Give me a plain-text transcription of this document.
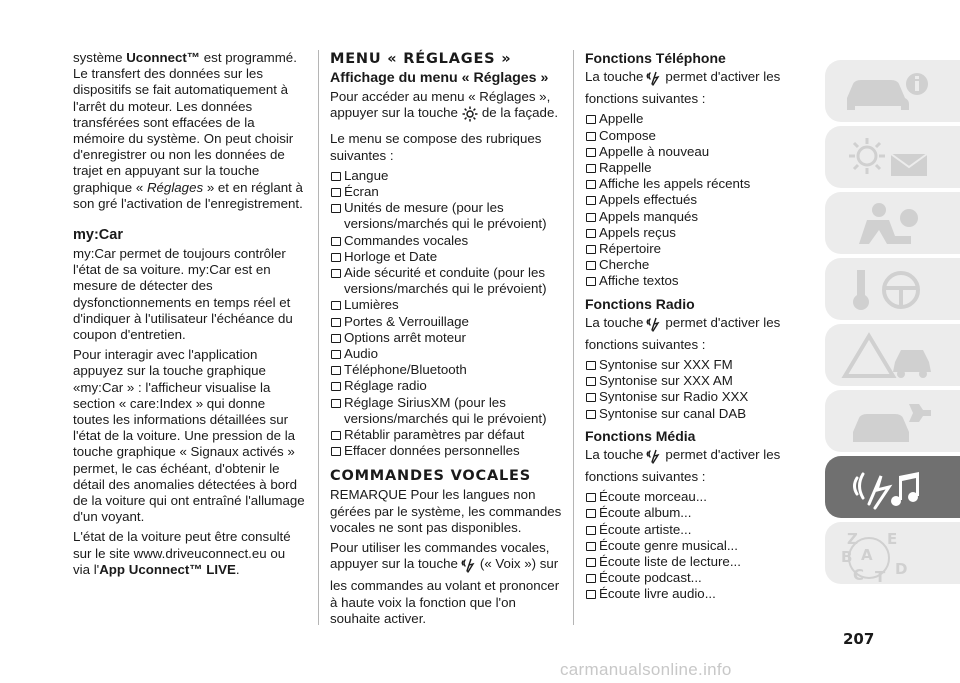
système Uconnect™ est programmé. Le transfert des données sur les dispositifs se fait automatiquement à l'arrêt du moteur. Les données transférées sont effacées de la mémoire du système. On peut choisir d'enregistrer ou non les données de trajet en appuyant sur la touche graphique « Réglages » et en réglant à son gré l'activation de l'enregistrement.

my:Car

my:Car permet de toujours contrôler l'état de sa voiture. my:Car est en mesure de détecter des dysfonctionnements en temps réel et d'indiquer à l'utilisateur l'échéance du coupon d'entretien.

Pour interagir avec l'application appuyez sur la touche graphique «my:Car » : l'afficheur visualise la section « care:Index » qui donne toutes les informations détaillées sur l'état de la voiture. Une pression de la touche graphique « Signaux activés » permet, le cas échéant, d'obtenir le détail des anomalies détectées à bord de la voiture qui ont entraîné l'allumage d'un voyant.

L'état de la voiture peut être consulté sur le site www.driveuconnect.eu ou via l'App Uconnect™ LIVE.

MENU « RÉGLAGES »
Affichage du menu « Réglages »

Pour accéder au menu « Réglages », appuyer sur la touche de la façade.

Le menu se compose des rubriques suivantes :

Langue
Écran
Unités de mesure (pour les versions/marchés qui le prévoient)
Commandes vocales
Horloge et Date
Aide sécurité et conduite (pour les versions/marchés qui le prévoient)
Lumières
Portes & Verrouillage
Options arrêt moteur
Audio
Téléphone/Bluetooth
Réglage radio
Réglage SiriusXM (pour les versions/marchés qui le prévoient)
Rétablir paramètres par défaut
Effacer données personnelles
COMMANDES VOCALES

REMARQUE Pour les langues non gérées par le système, les commandes vocales ne sont pas disponibles.

Pour utiliser les commandes vocales, appuyer sur la touche (« Voix ») sur les commandes au volant et prononcer à haute voix la fonction que l'on souhaite activer.

Fonctions Téléphone

La touche permet d'activer les fonctions suivantes :

Appelle
Compose
Appelle à nouveau
Rappelle
Affiche les appels récents
Appels effectués
Appels manqués
Appels reçus
Répertoire
Cherche
Affiche textos
Fonctions Radio

La touche permet d'activer les fonctions suivantes :

Syntonise sur XXX FM
Syntonise sur XXX AM
Syntonise sur Radio XXX
Syntonise sur canal DAB
Fonctions Média

La touche permet d'activer les fonctions suivantes :

Écoute morceau...
Écoute album...
Écoute artiste...
Écoute genre musical...
Écoute liste de lecture...
Écoute podcast...
Écoute livre audio...
Z E
B A
C T D
207
carmanualsonline.info
